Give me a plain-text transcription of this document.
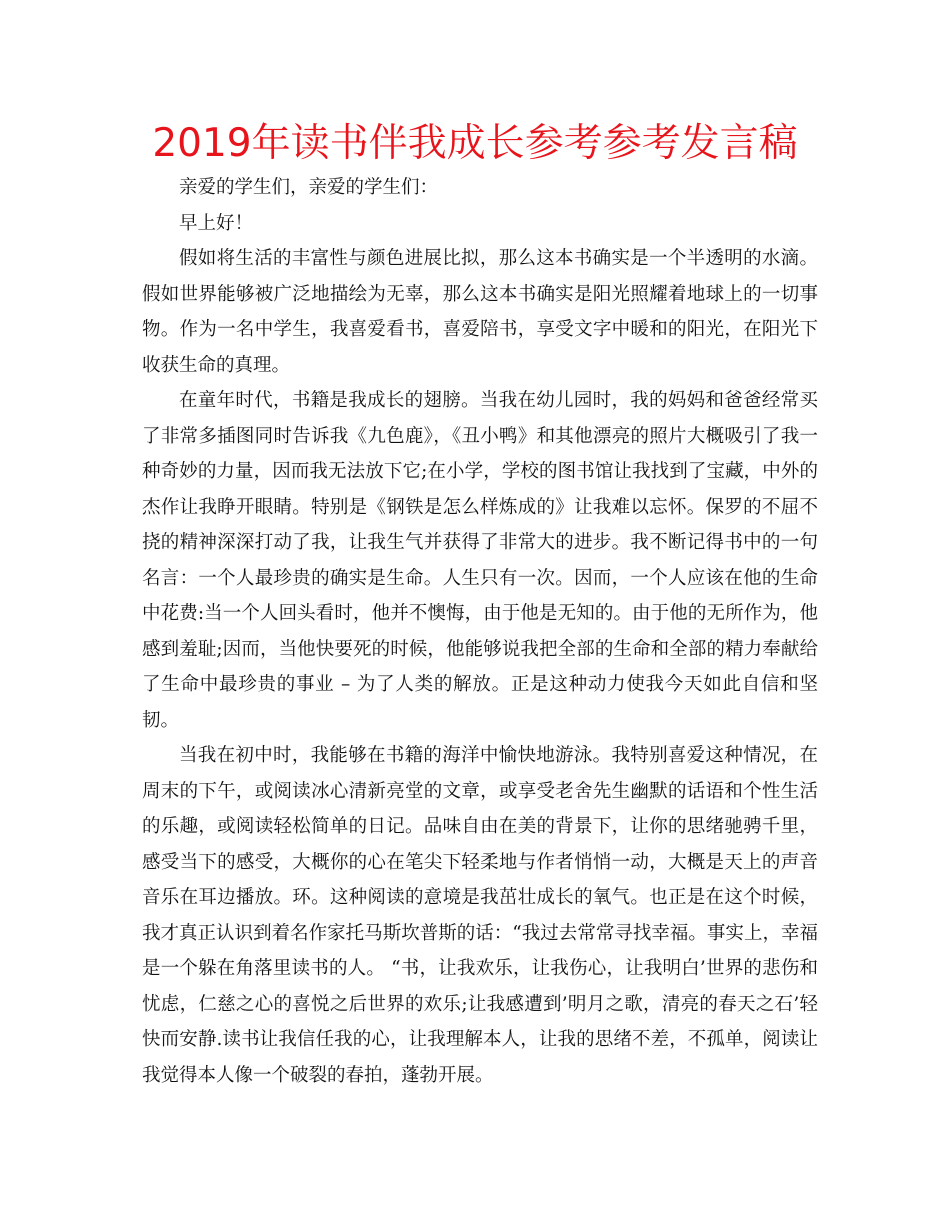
2019年读书伴我成长参考参考发言稿

亲爱的学生们，亲爱的学生们：

早上好！

假如将生活的丰富性与颜色进展比拟，那么这本书确实是一个半透明的水滴。假如世界能够被广泛地描绘为无辜，那么这本书确实是阳光照耀着地球上的一切事物。作为一名中学生，我喜爱看书，喜爱陪书，享受文字中暖和的阳光，在阳光下收获生命的真理。

在童年时代，书籍是我成长的翅膀。当我在幼儿园时，我的妈妈和爸爸经常买了非常多插图同时告诉我《九色鹿》，《丑小鸭》和其他漂亮的照片大概吸引了我一种奇妙的力量，因而我无法放下它;在小学，学校的图书馆让我找到了宝藏，中外的杰作让我睁开眼睛。特别是《钢铁是怎么样炼成的》让我难以忘怀。保罗的不屈不挠的精神深深打动了我，让我生气并获得了非常大的进步。我不断记得书中的一句名言：一个人最珍贵的确实是生命。人生只有一次。因而，一个人应该在他的生命中花费:当一个人回头看时，他并不懊悔，由于他是无知的。由于他的无所作为，他感到羞耻;因而，当他快要死的时候，他能够说我把全部的生命和全部的精力奉献给了生命中最珍贵的事业 – 为了人类的解放。正是这种动力使我今天如此自信和坚韧。

当我在初中时，我能够在书籍的海洋中愉快地游泳。我特别喜爱这种情况，在周末的下午，或阅读冰心清新亮堂的文章，或享受老舍先生幽默的话语和个性生活的乐趣，或阅读轻松简单的日记。品味自由在美的背景下，让你的思绪驰骋千里，感受当下的感受，大概你的心在笔尖下轻柔地与作者悄悄一动，大概是天上的声音音乐在耳边播放。环。这种阅读的意境是我茁壮成长的氧气。也正是在这个时候，我才真正认识到着名作家托马斯坎普斯的话：“我过去常常寻找幸福。事实上，幸福是一个躲在角落里读书的人。 “书，让我欢乐，让我伤心，让我明白’世界的悲伤和忧虑，仁慈之心的喜悦之后世界的欢乐;让我感遭到’明月之歌，清亮的春天之石’轻快而安静.读书让我信任我的心，让我理解本人，让我的思绪不差，不孤单，阅读让我觉得本人像一个破裂的春拍，蓬勃开展。
